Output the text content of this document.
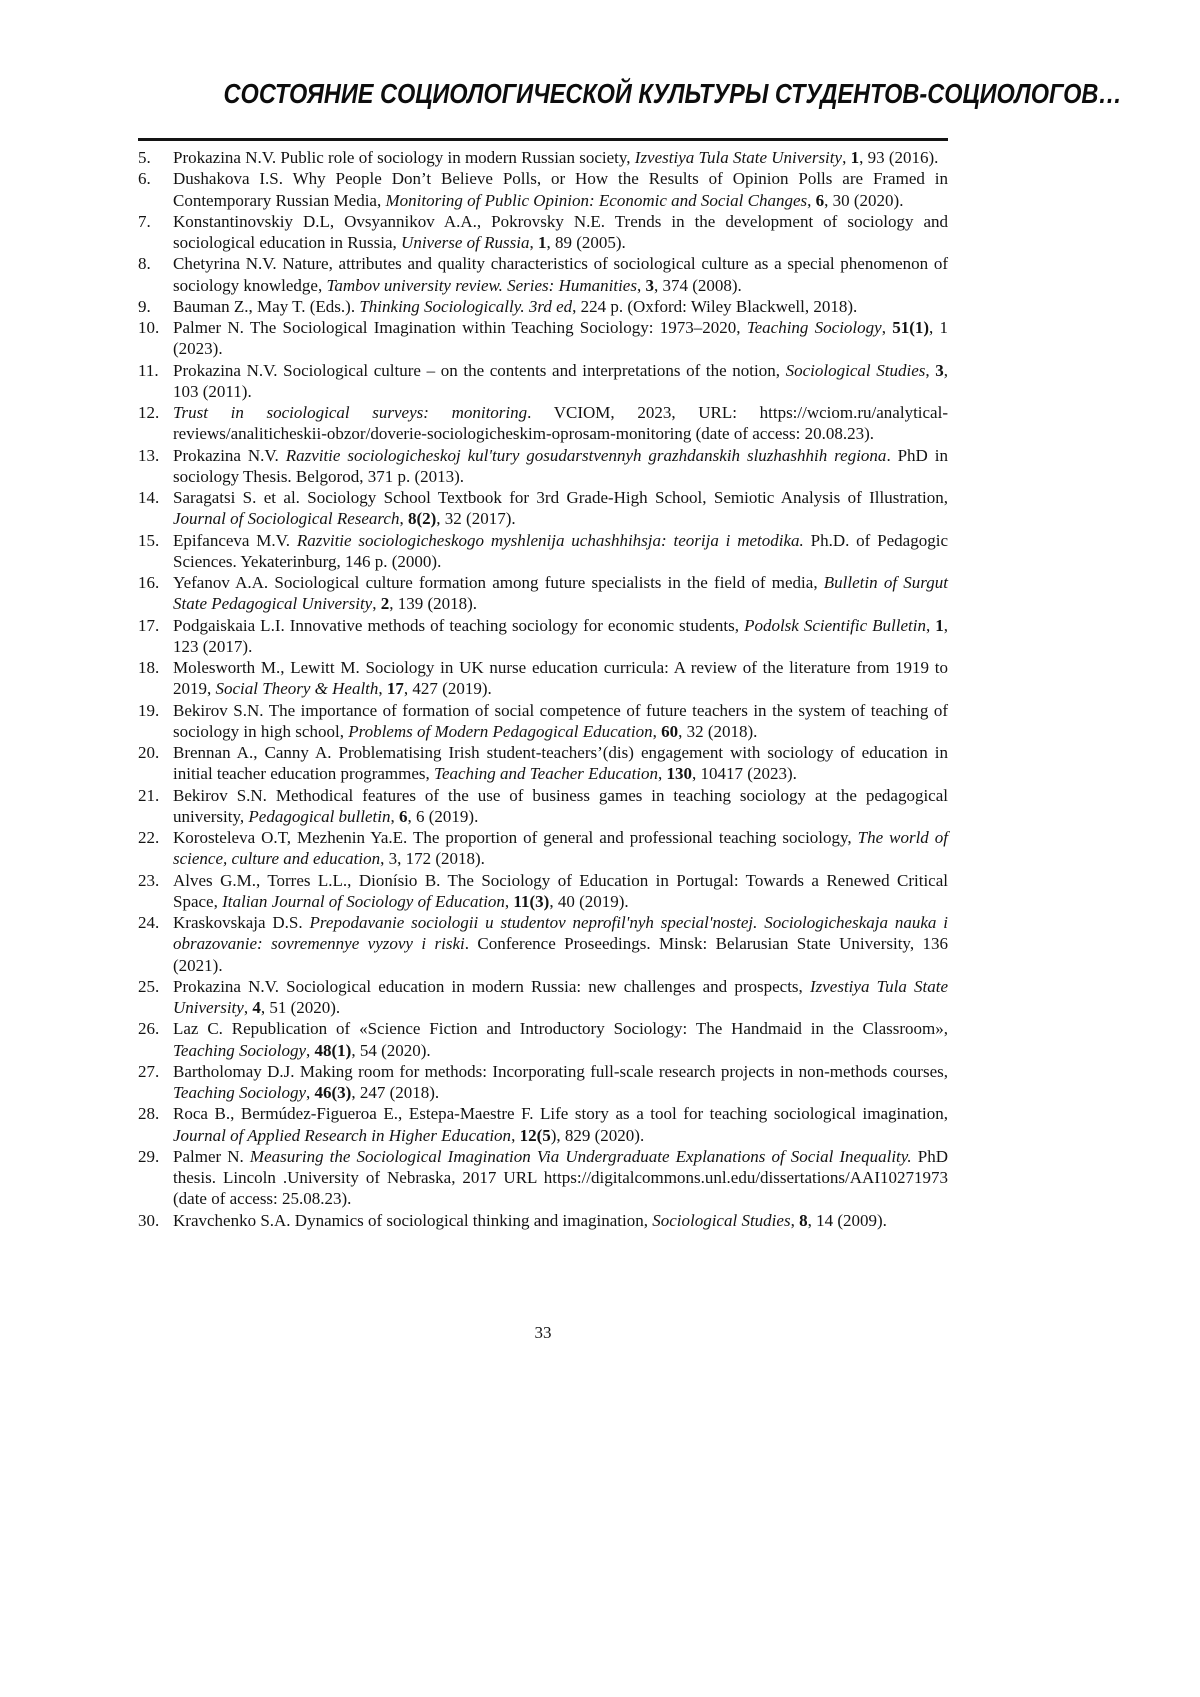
СОСТОЯНИЕ СОЦИОЛОГИЧЕСКОЙ КУЛЬТУРЫ СТУДЕНТОВ-СОЦИОЛОГОВ…
5. Prokazina N.V. Public role of sociology in modern Russian society, Izvestiya Tula State University, 1, 93 (2016).
6. Dushakova I.S. Why People Don’t Believe Polls, or How the Results of Opinion Polls are Framed in Contemporary Russian Media, Monitoring of Public Opinion: Economic and Social Changes, 6, 30 (2020).
7. Konstantinovskiy D.L, Ovsyannikov A.A., Pokrovsky N.E. Trends in the development of sociology and sociological education in Russia, Universe of Russia, 1, 89 (2005).
8. Chetyrina N.V. Nature, attributes and quality characteristics of sociological culture as a special phenomenon of sociology knowledge, Tambov university review. Series: Humanities, 3, 374 (2008).
9. Bauman Z., May T. (Eds.). Thinking Sociologically. 3rd ed, 224 p. (Oxford: Wiley Blackwell, 2018).
10. Palmer N. The Sociological Imagination within Teaching Sociology: 1973–2020, Teaching Sociology, 51(1), 1 (2023).
11. Prokazina N.V. Sociological culture – on the contents and interpretations of the notion, Sociological Studies, 3, 103 (2011).
12. Trust in sociological surveys: monitoring. VCIOM, 2023, URL: https://wciom.ru/analytical-reviews/analiticheskii-obzor/doverie-sociologicheskim-oprosam-monitoring (date of access: 20.08.23).
13. Prokazina N.V. Razvitie sociologicheskoj kul'tury gosudarstvennyh grazhdanskih sluzhashhih regiona. PhD in sociology Thesis. Belgorod, 371 p. (2013).
14. Saragatsi S. et al. Sociology School Textbook for 3rd Grade-High School, Semiotic Analysis of Illustration, Journal of Sociological Research, 8(2), 32 (2017).
15. Epifanceva M.V. Razvitie sociologicheskogo myshlenija uchashhihsja: teorija i metodika. Ph.D. of Pedagogic Sciences. Yekaterinburg, 146 p. (2000).
16. Yefanov A.A. Sociological culture formation among future specialists in the field of media, Bulletin of Surgut State Pedagogical University, 2, 139 (2018).
17. Podgaiskaia L.I. Innovative methods of teaching sociology for economic students, Podolsk Scientific Bulletin, 1, 123 (2017).
18. Molesworth M., Lewitt M. Sociology in UK nurse education curricula: A review of the literature from 1919 to 2019, Social Theory & Health, 17, 427 (2019).
19. Bekirov S.N. The importance of formation of social competence of future teachers in the system of teaching of sociology in high school, Problems of Modern Pedagogical Education, 60, 32 (2018).
20. Brennan A., Canny A. Problematising Irish student-teachers’(dis) engagement with sociology of education in initial teacher education programmes, Teaching and Teacher Education, 130, 10417 (2023).
21. Bekirov S.N. Methodical features of the use of business games in teaching sociology at the pedagogical university, Pedagogical bulletin, 6, 6 (2019).
22. Korosteleva O.T, Mezhenin Ya.E. The proportion of general and professional teaching sociology, The world of science, culture and education, 3, 172 (2018).
23. Alves G.M., Torres L.L., Dionísio B. The Sociology of Education in Portugal: Towards a Renewed Critical Space, Italian Journal of Sociology of Education, 11(3), 40 (2019).
24. Kraskovskaja D.S. Prepodavanie sociologii u studentov neprofil'nyh special'nostej. Sociologicheskaja nauka i obrazovanie: sovremennye vyzovy i riski. Conference Proseedings. Minsk: Belarusian State University, 136 (2021).
25. Prokazina N.V. Sociological education in modern Russia: new challenges and prospects, Izvestiya Tula State University, 4, 51 (2020).
26. Laz C. Republication of «Science Fiction and Introductory Sociology: The Handmaid in the Classroom», Teaching Sociology, 48(1), 54 (2020).
27. Bartholomay D.J. Making room for methods: Incorporating full-scale research projects in non-methods courses, Teaching Sociology, 46(3), 247 (2018).
28. Roca B., Bermúdez-Figueroa E., Estepa-Maestre F. Life story as a tool for teaching sociological imagination, Journal of Applied Research in Higher Education, 12(5), 829 (2020).
29. Palmer N. Measuring the Sociological Imagination Via Undergraduate Explanations of Social Inequality. PhD thesis. Lincoln .University of Nebraska, 2017 URL https://digitalcommons.unl.edu/dissertations/AAI10271973 (date of access: 25.08.23).
30. Kravchenko S.A. Dynamics of sociological thinking and imagination, Sociological Studies, 8, 14 (2009).
33
